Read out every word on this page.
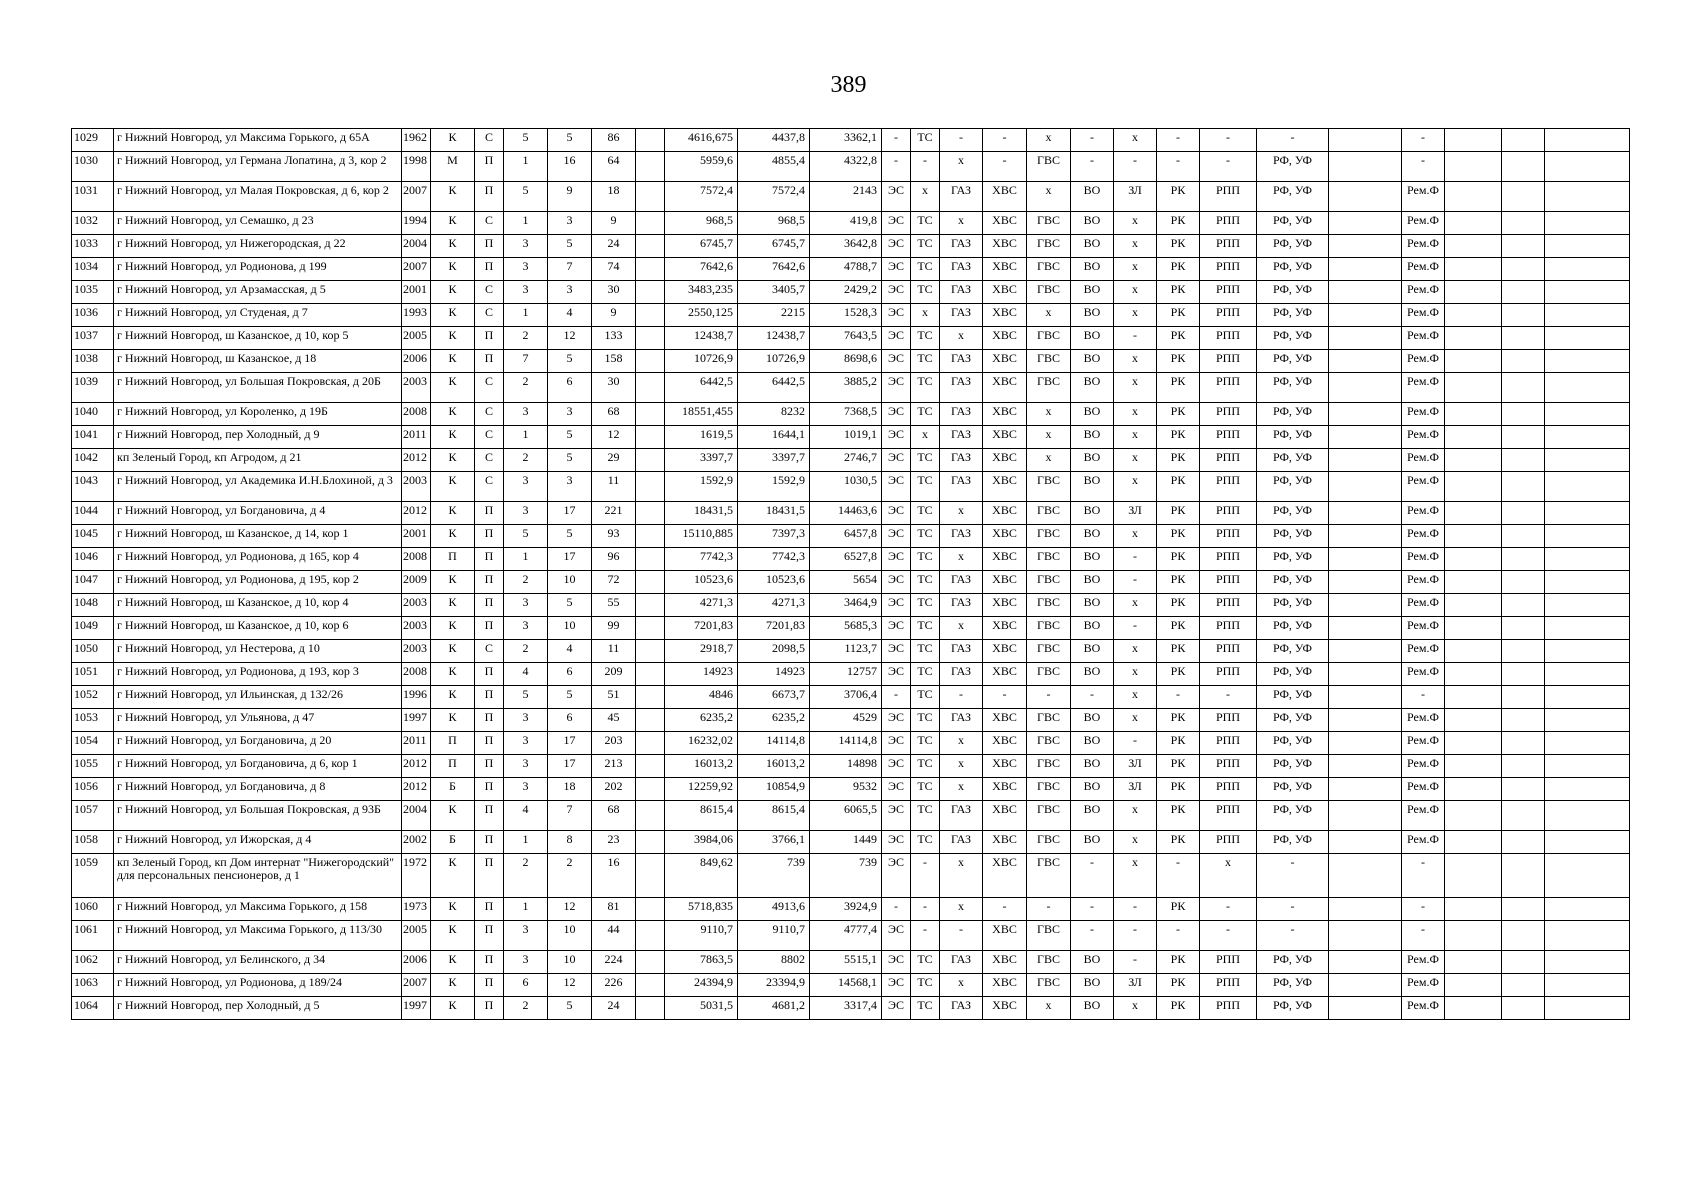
389
1029	г Нижний Новгород, ул Максима Горького, д 65А	1962	К	С	5	5	86		4616,675	4437,8	3362,1	-	ТС	-	-	х	-	х	-	-	-		-			
1030	г Нижний Новгород, ул Германа Лопатина, д 3, кор 2	1998	М	П	1	16	64		5959,6	4855,4	4322,8	-	-	х	-	ГВС	-	-	-	-	РФ, УФ		-			
1031	г Нижний Новгород, ул Малая Покровская, д 6, кор 2	2007	К	П	5	9	18		7572,4	7572,4	2143	ЭС	х	ГАЗ	ХВС	х	ВО	ЗЛ	РК	РПП	РФ, УФ		Рем.Ф			
1032	г Нижний Новгород, ул Семашко, д 23	1994	К	С	1	3	9		968,5	968,5	419,8	ЭС	ТС	х	ХВС	ГВС	ВО	х	РК	РПП	РФ, УФ		Рем.Ф			
1033	г Нижний Новгород, ул Нижегородская, д 22	2004	К	П	3	5	24		6745,7	6745,7	3642,8	ЭС	ТС	ГАЗ	ХВС	ГВС	ВО	х	РК	РПП	РФ, УФ		Рем.Ф			
1034	г Нижний Новгород, ул Родионова, д 199	2007	К	П	3	7	74		7642,6	7642,6	4788,7	ЭС	ТС	ГАЗ	ХВС	ГВС	ВО	х	РК	РПП	РФ, УФ		Рем.Ф			
1035	г Нижний Новгород, ул Арзамасская, д 5	2001	К	С	3	3	30		3483,235	3405,7	2429,2	ЭС	ТС	ГАЗ	ХВС	ГВС	ВО	х	РК	РПП	РФ, УФ		Рем.Ф			
1036	г Нижний Новгород, ул Студеная, д 7	1993	К	С	1	4	9		2550,125	2215	1528,3	ЭС	х	ГАЗ	ХВС	х	ВО	х	РК	РПП	РФ, УФ		Рем.Ф			
1037	г Нижний Новгород, ш Казанское, д 10, кор 5	2005	К	П	2	12	133		12438,7	12438,7	7643,5	ЭС	ТС	х	ХВС	ГВС	ВО	-	РК	РПП	РФ, УФ		Рем.Ф			
1038	г Нижний Новгород, ш Казанское, д 18	2006	К	П	7	5	158		10726,9	10726,9	8698,6	ЭС	ТС	ГАЗ	ХВС	ГВС	ВО	х	РК	РПП	РФ, УФ		Рем.Ф			
1039	г Нижний Новгород, ул Большая Покровская, д 20Б	2003	К	С	2	6	30		6442,5	6442,5	3885,2	ЭС	ТС	ГАЗ	ХВС	ГВС	ВО	х	РК	РПП	РФ, УФ		Рем.Ф			
1040	г Нижний Новгород, ул Короленко, д 19Б	2008	К	С	3	3	68		18551,455	8232	7368,5	ЭС	ТС	ГАЗ	ХВС	х	ВО	х	РК	РПП	РФ, УФ		Рем.Ф			
1041	г Нижний Новгород, пер Холодный, д 9	2011	К	С	1	5	12		1619,5	1644,1	1019,1	ЭС	х	ГАЗ	ХВС	х	ВО	х	РК	РПП	РФ, УФ		Рем.Ф			
1042	кп Зеленый Город, кп Агродом, д 21	2012	К	С	2	5	29		3397,7	3397,7	2746,7	ЭС	ТС	ГАЗ	ХВС	х	ВО	х	РК	РПП	РФ, УФ		Рем.Ф			
1043	г Нижний Новгород, ул Академика И.Н.Блохиной, д 3	2003	К	С	3	3	11		1592,9	1592,9	1030,5	ЭС	ТС	ГАЗ	ХВС	ГВС	ВО	х	РК	РПП	РФ, УФ		Рем.Ф			
1044	г Нижний Новгород, ул Богдановича, д 4	2012	К	П	3	17	221		18431,5	18431,5	14463,6	ЭС	ТС	х	ХВС	ГВС	ВО	ЗЛ	РК	РПП	РФ, УФ		Рем.Ф			
1045	г Нижний Новгород, ш Казанское, д 14, кор 1	2001	К	П	5	5	93		15110,885	7397,3	6457,8	ЭС	ТС	ГАЗ	ХВС	ГВС	ВО	х	РК	РПП	РФ, УФ		Рем.Ф			
1046	г Нижний Новгород, ул Родионова, д 165, кор 4	2008	П	П	1	17	96		7742,3	7742,3	6527,8	ЭС	ТС	х	ХВС	ГВС	ВО	-	РК	РПП	РФ, УФ		Рем.Ф			
1047	г Нижний Новгород, ул Родионова, д 195, кор 2	2009	К	П	2	10	72		10523,6	10523,6	5654	ЭС	ТС	ГАЗ	ХВС	ГВС	ВО	-	РК	РПП	РФ, УФ		Рем.Ф			
1048	г Нижний Новгород, ш Казанское, д 10, кор 4	2003	К	П	3	5	55		4271,3	4271,3	3464,9	ЭС	ТС	ГАЗ	ХВС	ГВС	ВО	х	РК	РПП	РФ, УФ		Рем.Ф			
1049	г Нижний Новгород, ш Казанское, д 10, кор 6	2003	К	П	3	10	99		7201,83	7201,83	5685,3	ЭС	ТС	х	ХВС	ГВС	ВО	-	РК	РПП	РФ, УФ		Рем.Ф			
1050	г Нижний Новгород, ул Нестерова, д 10	2003	К	С	2	4	11		2918,7	2098,5	1123,7	ЭС	ТС	ГАЗ	ХВС	ГВС	ВО	х	РК	РПП	РФ, УФ		Рем.Ф			
1051	г Нижний Новгород, ул Родионова, д 193, кор 3	2008	К	П	4	6	209		14923	14923	12757	ЭС	ТС	ГАЗ	ХВС	ГВС	ВО	х	РК	РПП	РФ, УФ		Рем.Ф			
1052	г Нижний Новгород, ул Ильинская, д 132/26	1996	К	П	5	5	51		4846	6673,7	3706,4	-	ТС	-	-	-	-	х	-	-	РФ, УФ		-			
1053	г Нижний Новгород, ул Ульянова, д 47	1997	К	П	3	6	45		6235,2	6235,2	4529	ЭС	ТС	ГАЗ	ХВС	ГВС	ВО	х	РК	РПП	РФ, УФ		Рем.Ф			
1054	г Нижний Новгород, ул Богдановича, д 20	2011	П	П	3	17	203		16232,02	14114,8	14114,8	ЭС	ТС	х	ХВС	ГВС	ВО	-	РК	РПП	РФ, УФ		Рем.Ф			
1055	г Нижний Новгород, ул Богдановича, д 6, кор 1	2012	П	П	3	17	213		16013,2	16013,2	14898	ЭС	ТС	х	ХВС	ГВС	ВО	ЗЛ	РК	РПП	РФ, УФ		Рем.Ф			
1056	г Нижний Новгород, ул Богдановича, д 8	2012	Б	П	3	18	202		12259,92	10854,9	9532	ЭС	ТС	х	ХВС	ГВС	ВО	ЗЛ	РК	РПП	РФ, УФ		Рем.Ф			
1057	г Нижний Новгород, ул Большая Покровская, д 93Б	2004	К	П	4	7	68		8615,4	8615,4	6065,5	ЭС	ТС	ГАЗ	ХВС	ГВС	ВО	х	РК	РПП	РФ, УФ		Рем.Ф			
1058	г Нижний Новгород, ул Ижорская, д 4	2002	Б	П	1	8	23		3984,06	3766,1	1449	ЭС	ТС	ГАЗ	ХВС	ГВС	ВО	х	РК	РПП	РФ, УФ		Рем.Ф			
1059	кп Зеленый Город, кп Дом интернат "Нижегородский" для персональных пенсионеров, д 1	1972	К	П	2	2	16		849,62	739	739	ЭС	-	х	ХВС	ГВС	-	х	-	х	-		-			
1060	г Нижний Новгород, ул Максима Горького, д 158	1973	К	П	1	12	81		5718,835	4913,6	3924,9	-	-	х	-	-	-	-	РК	-	-		-			
1061	г Нижний Новгород, ул Максима Горького, д 113/30	2005	К	П	3	10	44		9110,7	9110,7	4777,4	ЭС	-	-	ХВС	ГВС	-	-	-	-	-		-			
1062	г Нижний Новгород, ул Белинского, д 34	2006	К	П	3	10	224		7863,5	8802	5515,1	ЭС	ТС	ГАЗ	ХВС	ГВС	ВО	-	РК	РПП	РФ, УФ		Рем.Ф			
1063	г Нижний Новгород, ул Родионова, д 189/24	2007	К	П	6	12	226		24394,9	23394,9	14568,1	ЭС	ТС	х	ХВС	ГВС	ВО	ЗЛ	РК	РПП	РФ, УФ		Рем.Ф			
1064	г Нижний Новгород, пер Холодный, д 5	1997	К	П	2	5	24		5031,5	4681,2	3317,4	ЭС	ТС	ГАЗ	ХВС	х	ВО	х	РК	РПП	РФ, УФ		Рем.Ф			
